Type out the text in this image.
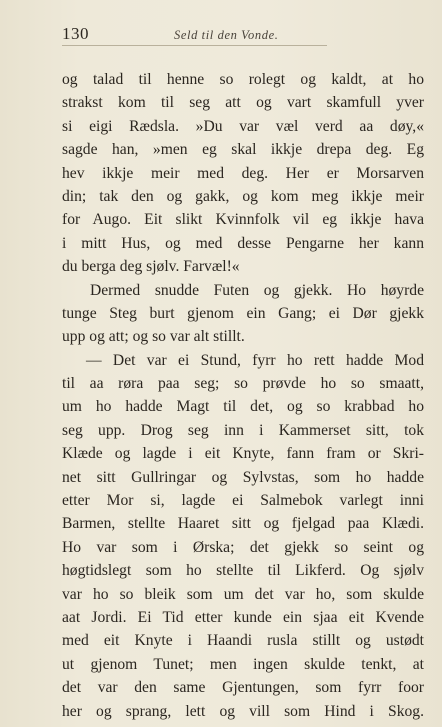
130	Seld til den Vonde.
og talad til henne so rolegt og kaldt, at ho
strakst kom til seg att og vart skamfull yver
si eigi Rædsla. »Du var væl verd aa døy,«
sagde han, »men eg skal ikkje drepa deg. Eg
hev ikkje meir med deg. Her er Morsarven
din; tak den og gakk, og kom meg ikkje meir
for Augo. Eit slikt Kvinnfolk vil eg ikkje hava
i mitt Hus, og med desse Pengarne her kann
du berga deg sjølv. Farvæl!«
Dermed snudde Futen og gjekk. Ho høyrde
tunge Steg burt gjenom ein Gang; ei Dør gjekk
upp og att; og so var alt stillt.
— Det var ei Stund, fyrr ho rett hadde Mod
til aa røra paa seg; so prøvde ho so smaatt,
um ho hadde Magt til det, og so krabbad ho
seg upp. Drog seg inn i Kammerset sitt, tok
Klæde og lagde i eit Knyte, fann fram or Skri-
net sitt Gullringar og Sylvstas, som ho hadde
etter Mor si, lagde ei Salmebok varlegt inni
Barmen, stellte Haaret sitt og fjelgad paa Klædi.
Ho var som i Ørska; det gjekk so seint og
høgtidslegt som ho stellte til Likferd. Og sjølv
var ho so bleik som um det var ho, som skulde
aat Jordi. Ei Tid etter kunde ein sjaa eit Kvende
med eit Knyte i Haandi rusla stillt og ustødt
ut gjenom Tunet; men ingen skulde tenkt, at
det var den same Gjentungen, som fyrr foor
her og sprang, lett og vill som Hind i Skog.
